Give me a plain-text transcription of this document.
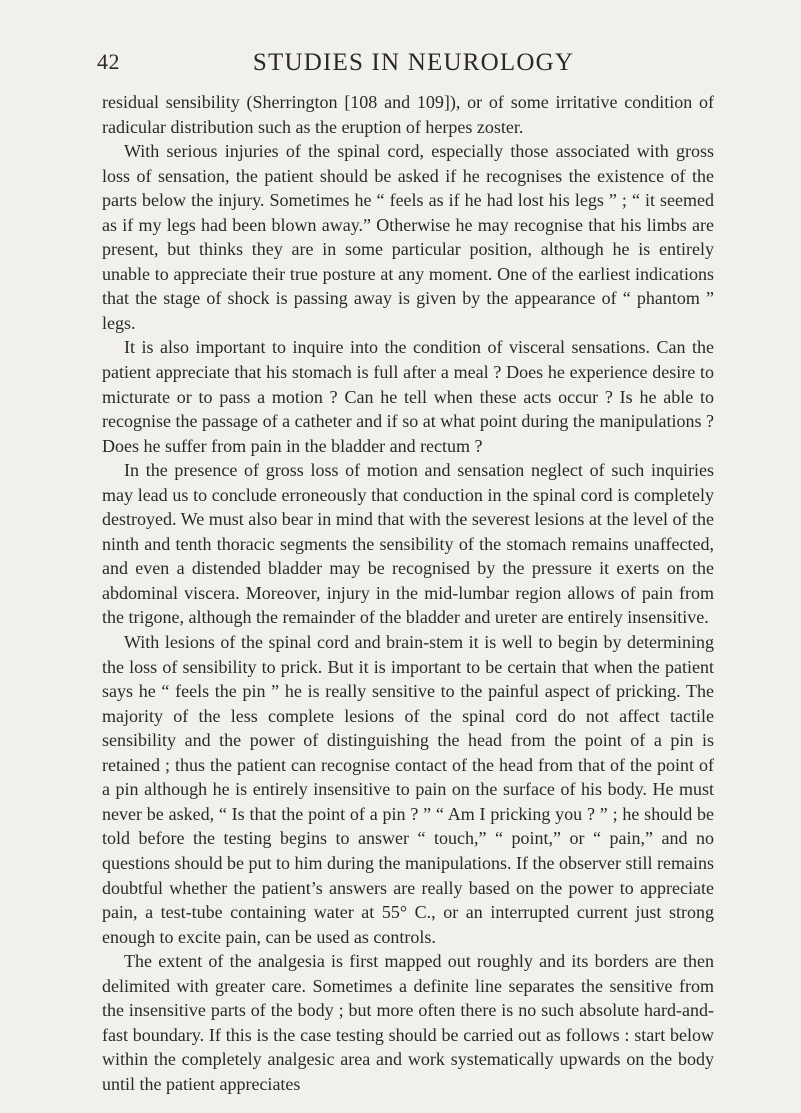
42	STUDIES IN NEUROLOGY

residual sensibility (Sherrington [108 and 109]), or of some irritative condition of radicular distribution such as the eruption of herpes zoster.

With serious injuries of the spinal cord, especially those associated with gross loss of sensation, the patient should be asked if he recognises the existence of the parts below the injury. Sometimes he “ feels as if he had lost his legs ” ; “ it seemed as if my legs had been blown away.” Otherwise he may recognise that his limbs are present, but thinks they are in some particular position, although he is entirely unable to appreciate their true posture at any moment. One of the earliest indications that the stage of shock is passing away is given by the appearance of “ phantom ” legs.

It is also important to inquire into the condition of visceral sensations. Can the patient appreciate that his stomach is full after a meal ? Does he experience desire to micturate or to pass a motion ? Can he tell when these acts occur ? Is he able to recognise the passage of a catheter and if so at what point during the manipulations ? Does he suffer from pain in the bladder and rectum ?

In the presence of gross loss of motion and sensation neglect of such inquiries may lead us to conclude erroneously that conduction in the spinal cord is completely destroyed. We must also bear in mind that with the severest lesions at the level of the ninth and tenth thoracic segments the sensibility of the stomach remains unaffected, and even a distended bladder may be recognised by the pressure it exerts on the abdominal viscera. Moreover, injury in the mid-lumbar region allows of pain from the trigone, although the remainder of the bladder and ureter are entirely insensitive.

With lesions of the spinal cord and brain-stem it is well to begin by determining the loss of sensibility to prick. But it is important to be certain that when the patient says he “ feels the pin ” he is really sensitive to the painful aspect of pricking. The majority of the less complete lesions of the spinal cord do not affect tactile sensibility and the power of distinguishing the head from the point of a pin is retained ; thus the patient can recognise contact of the head from that of the point of a pin although he is entirely insensitive to pain on the surface of his body. He must never be asked, “ Is that the point of a pin ? ” “ Am I pricking you ? ” ; he should be told before the testing begins to answer “ touch,” “ point,” or “ pain,” and no questions should be put to him during the manipulations. If the observer still remains doubtful whether the patient’s answers are really based on the power to appreciate pain, a test-tube containing water at 55° C., or an interrupted current just strong enough to excite pain, can be used as controls.

The extent of the analgesia is first mapped out roughly and its borders are then delimited with greater care. Sometimes a definite line separates the sensitive from the insensitive parts of the body ; but more often there is no such absolute hard-and-fast boundary. If this is the case testing should be carried out as follows : start below within the completely analgesic area and work systematically upwards on the body until the patient appreciates
